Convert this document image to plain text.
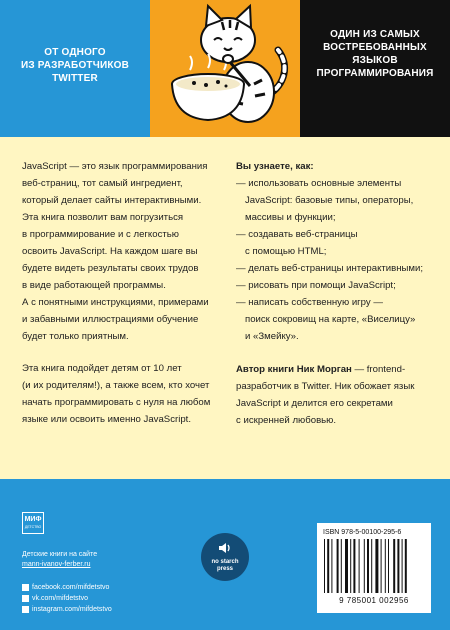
ОТ ОДНОГО
ИЗ РАЗРАБОТЧИКОВ
TWITTER
ОДИН ИЗ САМЫХ
ВОСТРЕБОВАННЫХ
ЯЗЫКОВ
ПРОГРАММИРОВАНИЯ
JavaScript — это язык программирования
веб-страниц, тот самый ингредиент,
который делает сайты интерактивными.
Эта книга позволит вам погрузиться
в программирование и с легкостью
освоить JavaScript. На каждом шаге вы
будете видеть результаты своих трудов
в виде работающей программы.
А с понятными инструкциями, примерами
и забавными иллюстрациями обучение
будет только приятным.
Эта книга подойдет детям от 10 лет
(и их родителям!), а также всем, кто хочет
начать программировать с нуля на любом
языке или освоить именно JavaScript.
Вы узнаете, как:
— использовать основные элементы
JavaScript: базовые типы, операторы,
массивы и функции;
— создавать веб-страницы
с помощью HTML;
— делать веб-страницы интерактивными;
— рисовать при помощи JavaScript;
— написать собственную игру —
поиск сокровищ на карте, «Виселицу»
и «Змейку».
Автор книги Ник Морган — frontend-
разработчик в Twitter. Ник обожает язык
JavaScript и делится его секретами
с искренней любовью.
МИФ
ДЕТСТВО
Детские книги на сайте
mann-ivanov-ferber.ru
facebook.com/mifdetstvo
vk.com/mifdetstvo
instagram.com/mifdetstvo
no starch
press
ISBN 978-5-00100-295-6
9 785001 002956
